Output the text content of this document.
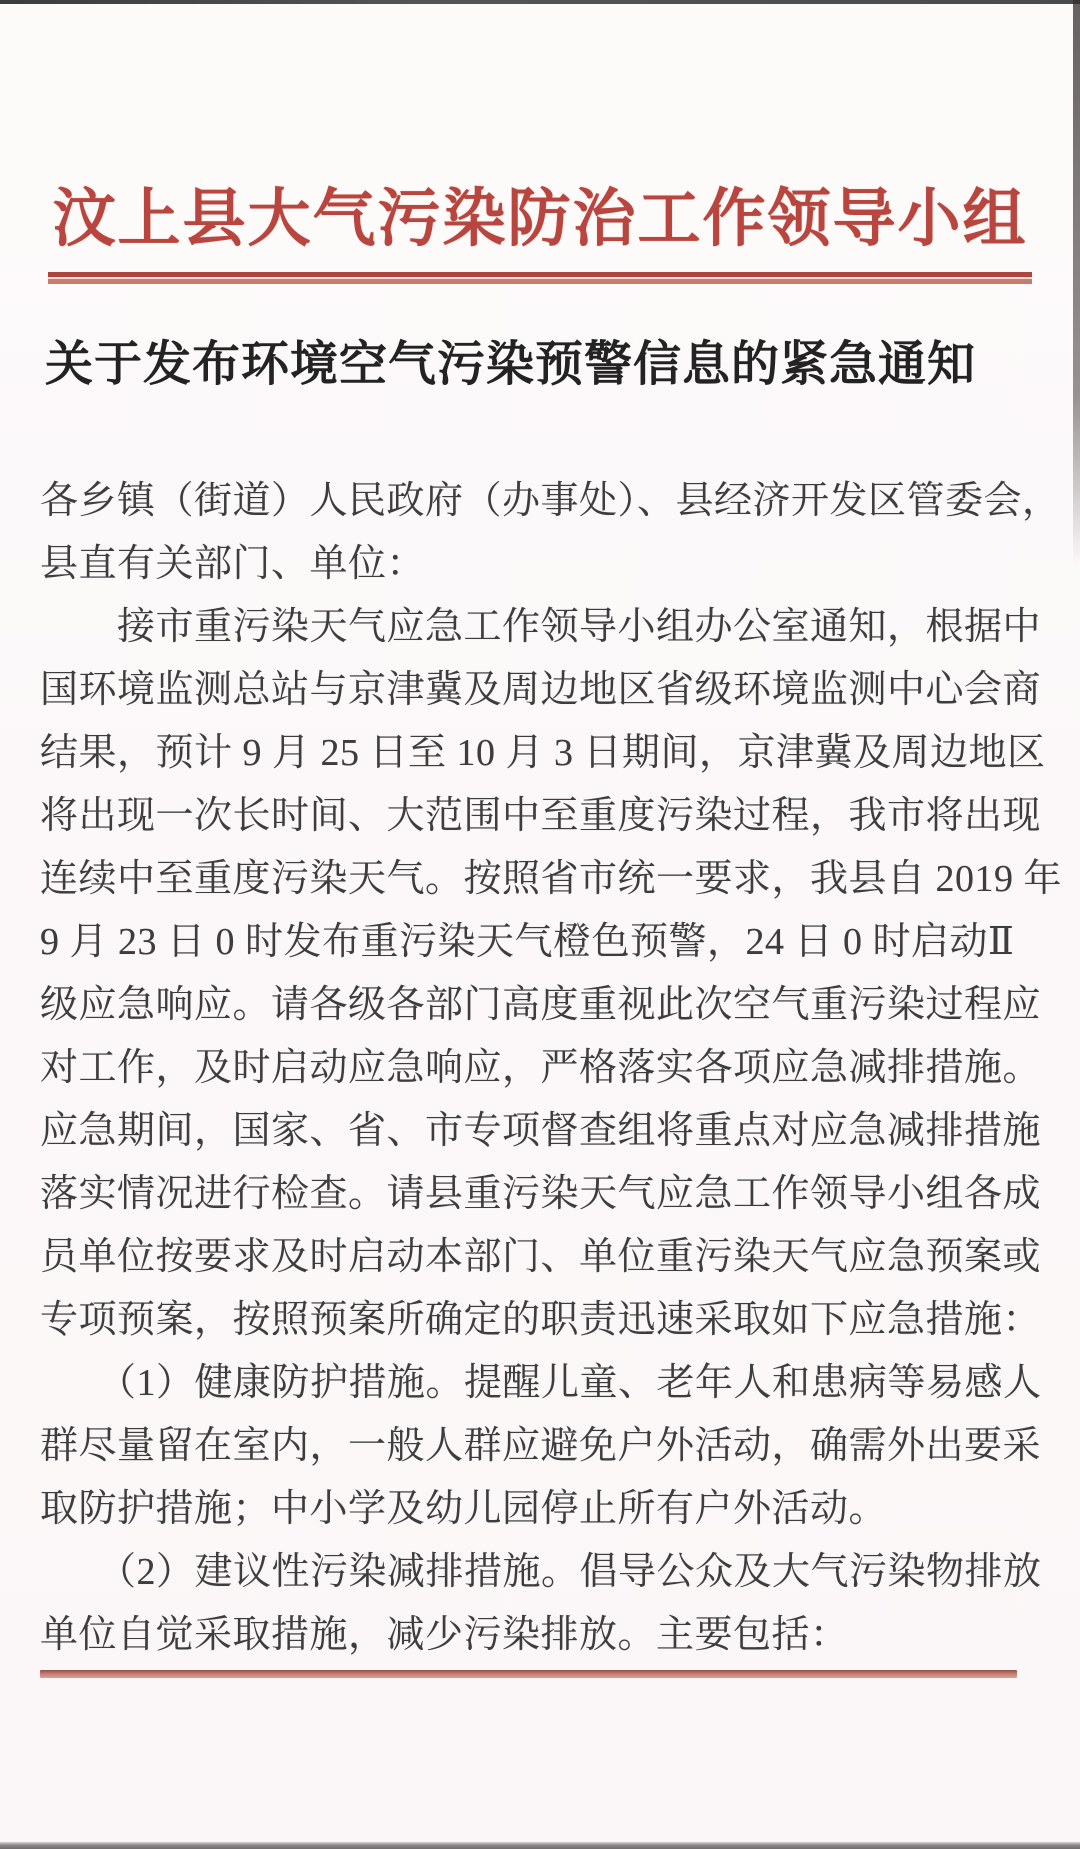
汶上县大气污染防治工作领导小组
关于发布环境空气污染预警信息的紧急通知
各乡镇（街道）人民政府（办事处）、县经济开发区管委会，
县直有关部门、单位：
　　接市重污染天气应急工作领导小组办公室通知，根据中
国环境监测总站与京津冀及周边地区省级环境监测中心会商
结果，预计 9 月 25 日至 10 月 3 日期间，京津冀及周边地区
将出现一次长时间、大范围中至重度污染过程，我市将出现
连续中至重度污染天气。按照省市统一要求，我县自 2019 年
9 月 23 日 0 时发布重污染天气橙色预警，24 日 0 时启动Ⅱ
级应急响应。请各级各部门高度重视此次空气重污染过程应
对工作，及时启动应急响应，严格落实各项应急减排措施。
应急期间，国家、省、市专项督查组将重点对应急减排措施
落实情况进行检查。请县重污染天气应急工作领导小组各成
员单位按要求及时启动本部门、单位重污染天气应急预案或
专项预案，按照预案所确定的职责迅速采取如下应急措施：
　　（1）健康防护措施。提醒儿童、老年人和患病等易感人
群尽量留在室内，一般人群应避免户外活动，确需外出要采
取防护措施；中小学及幼儿园停止所有户外活动。
　　（2）建议性污染减排措施。倡导公众及大气污染物排放
单位自觉采取措施，减少污染排放。主要包括：
